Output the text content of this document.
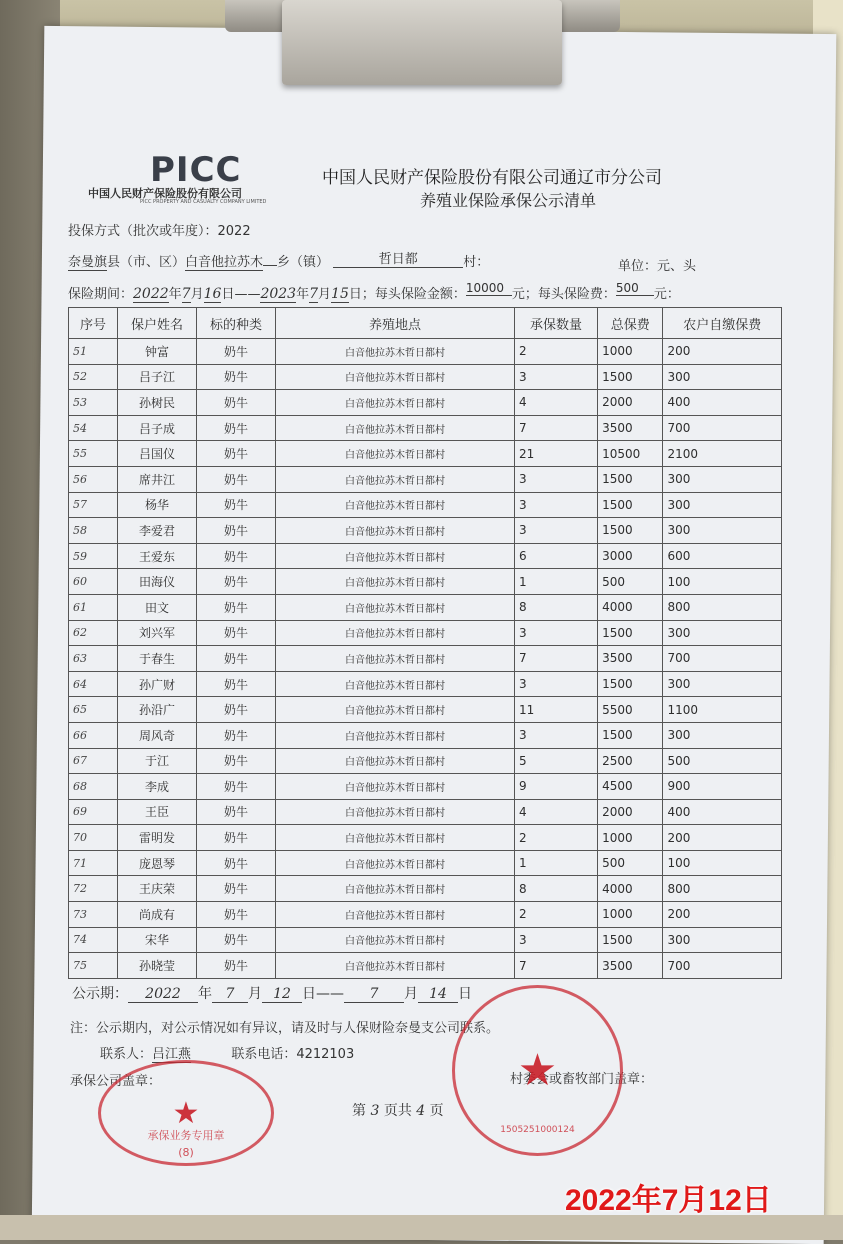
PICC
中国人民财产保险股份有限公司
PICC PROPERTY AND CASUALTY COMPANY LIMITED
中国人民财产保险股份有限公司通辽市分公司
养殖业保险承保公示清单
投保方式（批次或年度）：2022
奈曼旗县（市、区）白音他拉苏木 乡（镇）	哲日都	村：	单位：元、头
保险期间：2022年7月16日——2023年7月15日；每头保险金额：10000 元；每头保险费：500 元：
序号	保户姓名	标的种类	养殖地点	承保数量	总保费	农户自缴保费
51	钟富	奶牛	白音他拉苏木哲日都村	2	1000	200
52	吕子江	奶牛	白音他拉苏木哲日都村	3	1500	300
53	孙树民	奶牛	白音他拉苏木哲日都村	4	2000	400
54	吕子成	奶牛	白音他拉苏木哲日都村	7	3500	700
55	吕国仪	奶牛	白音他拉苏木哲日都村	21	10500	2100
56	席井江	奶牛	白音他拉苏木哲日都村	3	1500	300
57	杨华	奶牛	白音他拉苏木哲日都村	3	1500	300
58	李爱君	奶牛	白音他拉苏木哲日都村	3	1500	300
59	王爱东	奶牛	白音他拉苏木哲日都村	6	3000	600
60	田海仪	奶牛	白音他拉苏木哲日都村	1	500	100
61	田文	奶牛	白音他拉苏木哲日都村	8	4000	800
62	刘兴军	奶牛	白音他拉苏木哲日都村	3	1500	300
63	于春生	奶牛	白音他拉苏木哲日都村	7	3500	700
64	孙广财	奶牛	白音他拉苏木哲日都村	3	1500	300
65	孙沿广	奶牛	白音他拉苏木哲日都村	11	5500	1100
66	周风奇	奶牛	白音他拉苏木哲日都村	3	1500	300
67	于江	奶牛	白音他拉苏木哲日都村	5	2500	500
68	李成	奶牛	白音他拉苏木哲日都村	9	4500	900
69	王臣	奶牛	白音他拉苏木哲日都村	4	2000	400
70	雷明发	奶牛	白音他拉苏木哲日都村	2	1000	200
71	庞恩琴	奶牛	白音他拉苏木哲日都村	1	500	100
72	王庆荣	奶牛	白音他拉苏木哲日都村	8	4000	800
73	尚成有	奶牛	白音他拉苏木哲日都村	2	1000	200
74	宋华	奶牛	白音他拉苏木哲日都村	3	1500	300
75	孙晓莹	奶牛	白音他拉苏木哲日都村	7	3500	700
公示期： 2022 年 7 月 12 日—— 7 月 14 日
注：公示期内，对公示情况如有异议，请及时与人保财险奈曼支公司联系。
联系人：吕江燕	联系电话：4212103
承保公司盖章：	村委会或畜牧部门盖章：
第 3 页共 4 页
★
承保业务专用章
(8)
★
1505251000124
2022年7月12日
